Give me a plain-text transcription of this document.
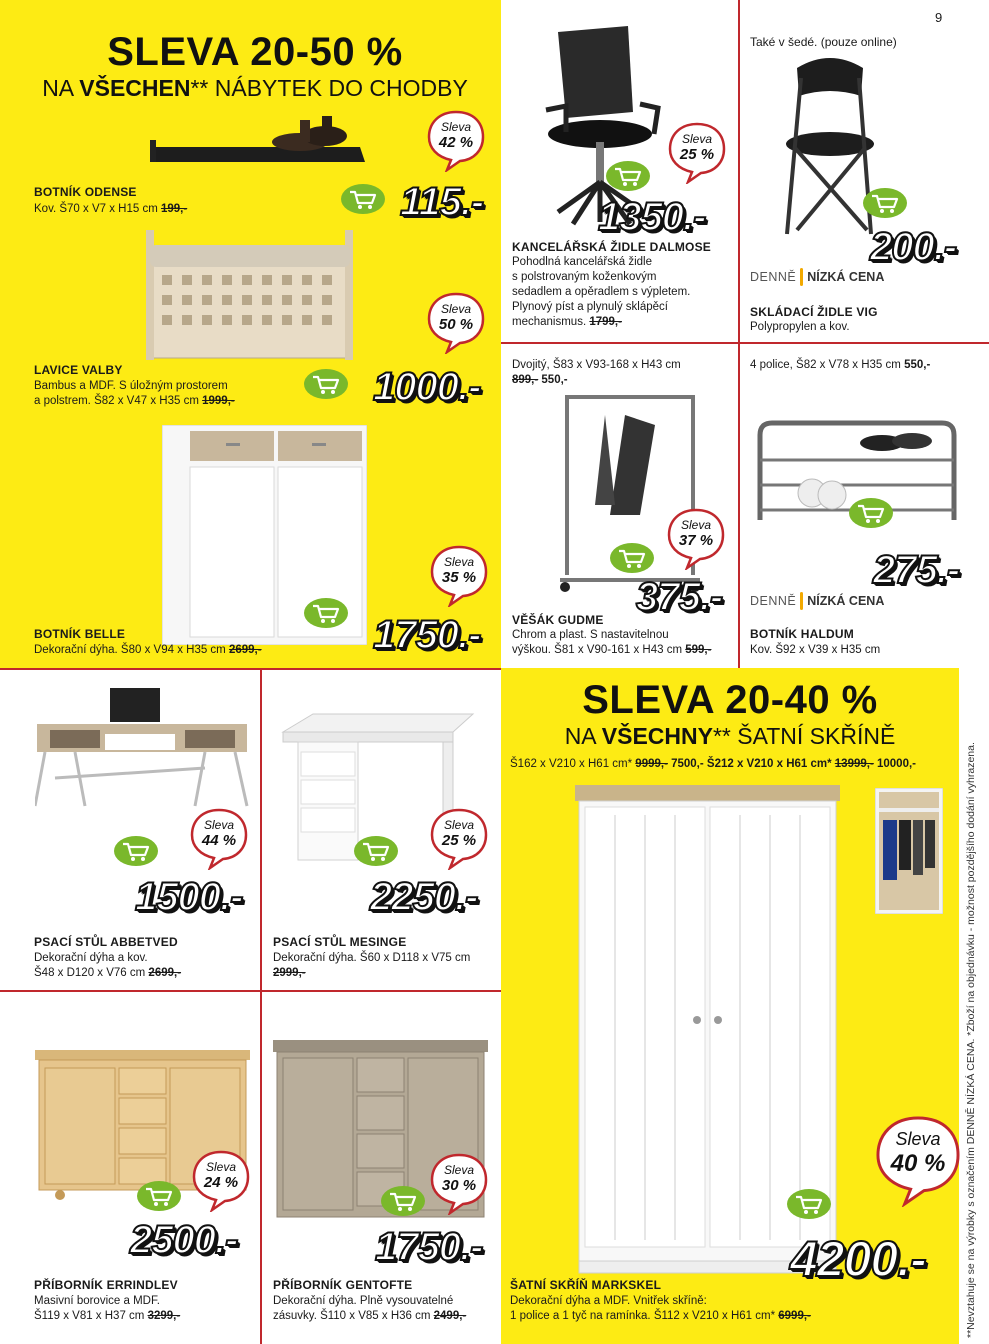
9
SLEVA 20-50 %
NA VŠECHEN** NÁBYTEK DO CHODBY
BOTNÍK ODENSE
Kov. Š70 x V7 x H15 cm 199,-
Sleva
42 %
115.-
LAVICE VALBY
Bambus a MDF. S úložným prostorem
a polstrem. Š82 x V47 x H35 cm 1999,-
Sleva
50 %
1000.-
BOTNÍK BELLE
Dekorační dýha. Š80 x V94 x H35 cm 2699,-
Sleva
35 %
1750.-
Sleva
25 %
1350.-
KANCELÁŘSKÁ ŽIDLE DALMOSE
Pohodlná kancelářská židle
s polstrovaným koženkovým
sedadlem a opěradlem s výpletem.
Plynový píst a plynulý sklápěcí
mechanismus. 1799,-
Také v šedé. (pouze online)
200.-
DENNĚ NÍZKÁ CENA
SKLÁDACÍ ŽIDLE VIG
Polypropylen a kov.
Dvojitý, Š83 x V93-168 x H43 cm
899,- 550,-
Sleva
37 %
375.-
VĚŠÁK GUDME
Chrom a plast. S nastavitelnou
výškou. Š81 x V90-161 x H43 cm 599,-
4 police, Š82 x V78 x H35 cm 550,-
275.-
DENNĚ NÍZKÁ CENA
BOTNÍK HALDUM
Kov. Š92 x V39 x H35 cm
Sleva
44 %
1500.-
PSACÍ STŮL ABBETVED
Dekorační dýha a kov.
Š48 x D120 x V76 cm 2699,-
Sleva
25 %
2250.-
PSACÍ STŮL MESINGE
Dekorační dýha. Š60 x D118 x V75 cm
2999,-
Sleva
24 %
2500.-
PŘÍBORNÍK ERRINDLEV
Masivní borovice a MDF.
Š119 x V81 x H37 cm 3299,-
Sleva
30 %
1750.-
PŘÍBORNÍK GENTOFTE
Dekorační dýha. Plně vysouvatelné
zásuvky. Š110 x V85 x H36 cm 2499,-
SLEVA 20-40 %
NA VŠECHNY** ŠATNÍ SKŘÍNĚ
Š162 x V210 x H61 cm* 9999,- 7500,- Š212 x V210 x H61 cm* 13999,- 10000,-
Sleva
40 %
4200.-
ŠATNÍ SKŘÍŇ MARKSKEL
Dekorační dýha a MDF. Vnitřek skříně:
1 police a 1 tyč na ramínka. Š112 x V210 x H61 cm* 6999,-	**Nevztahuje se na výrobky s označením DENNĚ NÍZKÁ CENA. *Zboží na objednávku - možnost pozdějšího dodání vyhrazena.
